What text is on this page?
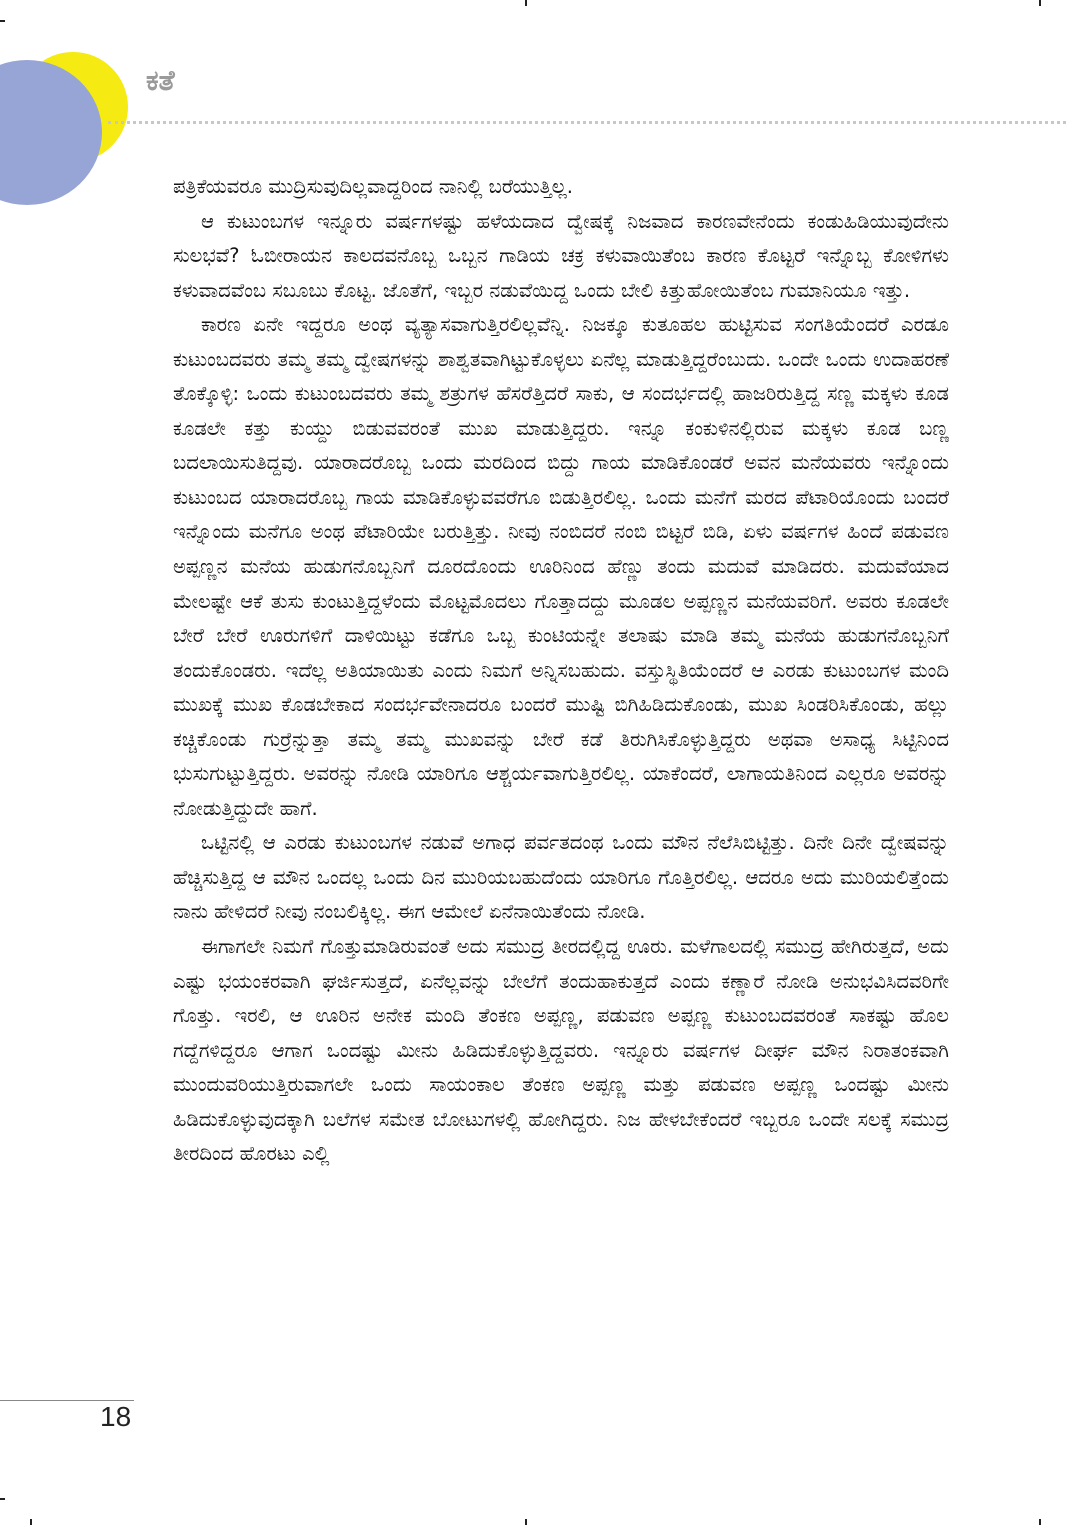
ಕತೆ

ಪತ್ರಿಕೆಯವರೂ ಮುದ್ರಿಸುವುದಿಲ್ಲವಾದ್ದರಿಂದ ನಾನಿಲ್ಲಿ ಬರೆಯುತ್ತಿಲ್ಲ.

ಆ ಕುಟುಂಬಗಳ ಇನ್ನೂರು ವರ್ಷಗಳಷ್ಟು ಹಳೆಯದಾದ ದ್ವೇಷಕ್ಕೆ ನಿಜವಾದ ಕಾರಣವೇನೆಂದು ಕಂಡುಹಿಡಿಯುವುದೇನು ಸುಲಭವೆ? ಓಬೀರಾಯನ ಕಾಲದವನೊಬ್ಬ ಒಬ್ಬನ ಗಾಡಿಯ ಚಕ್ರ ಕಳುವಾಯಿತೆಂಬ ಕಾರಣ ಕೊಟ್ಟರೆ ಇನ್ನೊಬ್ಬ ಕೋಳಿಗಳು ಕಳುವಾದವೆಂಬ ಸಬೂಬು ಕೊಟ್ಟ. ಜೊತೆಗೆ, ಇಬ್ಬರ ನಡುವೆಯಿದ್ದ ಒಂದು ಬೇಲಿ ಕಿತ್ತುಹೋಯಿತೆಂಬ ಗುಮಾನಿಯೂ ಇತ್ತು.

ಕಾರಣ ಏನೇ ಇದ್ದರೂ ಅಂಥ ವ್ಯತ್ಯಾಸವಾಗುತ್ತಿರಲಿಲ್ಲವೆನ್ನಿ. ನಿಜಕ್ಕೂ ಕುತೂಹಲ ಹುಟ್ಟಿಸುವ ಸಂಗತಿಯೆಂದರೆ ಎರಡೂ ಕುಟುಂಬದವರು ತಮ್ಮ ತಮ್ಮ ದ್ವೇಷಗಳನ್ನು ಶಾಶ್ವತವಾಗಿಟ್ಟುಕೊಳ್ಳಲು ಏನೆಲ್ಲ ಮಾಡುತ್ತಿದ್ದರೆಂಬುದು. ಒಂದೇ ಒಂದು ಉದಾಹರಣೆ ತೊಕ್ಕೊಳ್ಳಿ: ಒಂದು ಕುಟುಂಬದವರು ತಮ್ಮ ಶತ್ರುಗಳ ಹೆಸರೆತ್ತಿದರೆ ಸಾಕು, ಆ ಸಂದರ್ಭದಲ್ಲಿ ಹಾಜರಿರುತ್ತಿದ್ದ ಸಣ್ಣ ಮಕ್ಕಳು ಕೂಡ ಕೂಡಲೇ ಕತ್ತು ಕುಯ್ದು ಬಿಡುವವರಂತೆ ಮುಖ ಮಾಡುತ್ತಿದ್ದರು. ಇನ್ನೂ ಕಂಕುಳಿನಲ್ಲಿರುವ ಮಕ್ಕಳು ಕೂಡ ಬಣ್ಣ ಬದಲಾಯಿಸುತಿದ್ದವು. ಯಾರಾದರೊಬ್ಬ ಒಂದು ಮರದಿಂದ ಬಿದ್ದು ಗಾಯ ಮಾಡಿಕೊಂಡರೆ ಅವನ ಮನೆಯವರು ಇನ್ನೊಂದು ಕುಟುಂಬದ ಯಾರಾದರೊಬ್ಬ ಗಾಯ ಮಾಡಿಕೊಳ್ಳುವವರೆಗೂ ಬಿಡುತ್ತಿರಲಿಲ್ಲ. ಒಂದು ಮನೆಗೆ ಮರದ ಪೆಟಾರಿಯೊಂದು ಬಂದರೆ ಇನ್ನೊಂದು ಮನೆಗೂ ಅಂಥ ಪೆಟಾರಿಯೇ ಬರುತ್ತಿತ್ತು. ನೀವು ನಂಬಿದರೆ ನಂಬಿ ಬಿಟ್ಟರೆ ಬಿಡಿ, ಏಳು ವರ್ಷಗಳ ಹಿಂದೆ ಪಡುವಣ ಅಪ್ಪಣ್ಣನ ಮನೆಯ ಹುಡುಗನೊಬ್ಬನಿಗೆ ದೂರದೊಂದು ಊರಿನಿಂದ ಹೆಣ್ಣು ತಂದು ಮದುವೆ ಮಾಡಿದರು. ಮದುವೆಯಾದ ಮೇಲಷ್ಟೇ ಆಕೆ ತುಸು ಕುಂಟುತ್ತಿದ್ದಳೆಂದು ಮೊಟ್ಟಮೊದಲು ಗೊತ್ತಾದದ್ದು ಮೂಡಲ ಅಪ್ಪಣ್ಣನ ಮನೆಯವರಿಗೆ. ಅವರು ಕೂಡಲೇ ಬೇರೆ ಬೇರೆ ಊರುಗಳಿಗೆ ದಾಳಿಯಿಟ್ಟು ಕಡೆಗೂ ಒಬ್ಬ ಕುಂಟಿಯನ್ನೇ ತಲಾಷು ಮಾಡಿ ತಮ್ಮ ಮನೆಯ ಹುಡುಗನೊಬ್ಬನಿಗೆ ತಂದುಕೊಂಡರು. ಇದೆಲ್ಲ ಅತಿಯಾಯಿತು ಎಂದು ನಿಮಗೆ ಅನ್ನಿಸಬಹುದು. ವಸ್ತುಸ್ಥಿತಿಯೆಂದರೆ ಆ ಎರಡು ಕುಟುಂಬಗಳ ಮಂದಿ ಮುಖಕ್ಕೆ ಮುಖ ಕೊಡಬೇಕಾದ ಸಂದರ್ಭವೇನಾದರೂ ಬಂದರೆ ಮುಷ್ಟಿ ಬಿಗಿಹಿಡಿದುಕೊಂಡು, ಮುಖ ಸಿಂಡರಿಸಿಕೊಂಡು, ಹಲ್ಲು ಕಚ್ಚಿಕೊಂಡು ಗುರ್ರೆನ್ನುತ್ತಾ ತಮ್ಮ ತಮ್ಮ ಮುಖವನ್ನು ಬೇರೆ ಕಡೆ ತಿರುಗಿಸಿಕೊಳ್ಳುತ್ತಿದ್ದರು ಅಥವಾ ಅಸಾಧ್ಯ ಸಿಟ್ಟಿನಿಂದ ಭುಸುಗುಟ್ಟುತ್ತಿದ್ದರು. ಅವರನ್ನು ನೋಡಿ ಯಾರಿಗೂ ಆಶ್ಚರ್ಯವಾಗುತ್ತಿರಲಿಲ್ಲ. ಯಾಕೆಂದರೆ, ಲಾಗಾಯತಿನಿಂದ ಎಲ್ಲರೂ ಅವರನ್ನು ನೋಡುತ್ತಿದ್ದುದೇ ಹಾಗೆ.

ಒಟ್ಟಿನಲ್ಲಿ ಆ ಎರಡು ಕುಟುಂಬಗಳ ನಡುವೆ ಅಗಾಧ ಪರ್ವತದಂಥ ಒಂದು ಮೌನ ನೆಲೆಸಿಬಿಟ್ಟಿತ್ತು. ದಿನೇ ದಿನೇ ದ್ವೇಷವನ್ನು ಹೆಚ್ಚಿಸುತ್ತಿದ್ದ ಆ ಮೌನ ಒಂದಲ್ಲ ಒಂದು ದಿನ ಮುರಿಯಬಹುದೆಂದು ಯಾರಿಗೂ ಗೊತ್ತಿರಲಿಲ್ಲ. ಆದರೂ ಅದು ಮುರಿಯಲಿತ್ತೆಂದು ನಾನು ಹೇಳಿದರೆ ನೀವು ನಂಬಲಿಕ್ಕಿಲ್ಲ. ಈಗ ಆಮೇಲೆ ಏನೆನಾಯಿತೆಂದು ನೋಡಿ.

ಈಗಾಗಲೇ ನಿಮಗೆ ಗೊತ್ತುಮಾಡಿರುವಂತೆ ಅದು ಸಮುದ್ರ ತೀರದಲ್ಲಿದ್ದ ಊರು. ಮಳೆಗಾಲದಲ್ಲಿ ಸಮುದ್ರ ಹೇಗಿರುತ್ತದೆ, ಅದು ಎಷ್ಟು ಭಯಂಕರವಾಗಿ ಘರ್ಜಿಸುತ್ತದೆ, ಏನೆಲ್ಲವನ್ನು ಬೇಲೆಗೆ ತಂದುಹಾಕುತ್ತದೆ ಎಂದು ಕಣ್ಣಾರೆ ನೋಡಿ ಅನುಭವಿಸಿದವರಿಗೇ ಗೊತ್ತು. ಇರಲಿ, ಆ ಊರಿನ ಅನೇಕ ಮಂದಿ ತೆಂಕಣ ಅಪ್ಪಣ್ಣ, ಪಡುವಣ ಅಪ್ಪಣ್ಣ ಕುಟುಂಬದವರಂತೆ ಸಾಕಷ್ಟು ಹೊಲ ಗದ್ದೆಗಳಿದ್ದರೂ ಆಗಾಗ ಒಂದಷ್ಟು ಮೀನು ಹಿಡಿದುಕೊಳ್ಳುತ್ತಿದ್ದವರು. ಇನ್ನೂರು ವರ್ಷಗಳ ದೀರ್ಘ ಮೌನ ನಿರಾತಂಕವಾಗಿ ಮುಂದುವರಿಯುತ್ತಿರುವಾಗಲೇ ಒಂದು ಸಾಯಂಕಾಲ ತೆಂಕಣ ಅಪ್ಪಣ್ಣ ಮತ್ತು ಪಡುವಣ ಅಪ್ಪಣ್ಣ ಒಂದಷ್ಟು ಮೀನು ಹಿಡಿದುಕೊಳ್ಳುವುದಕ್ಕಾಗಿ ಬಲೆಗಳ ಸಮೇತ ಬೋಟುಗಳಲ್ಲಿ ಹೋಗಿದ್ದರು. ನಿಜ ಹೇಳಬೇಕೆಂದರೆ ಇಬ್ಬರೂ ಒಂದೇ ಸಲಕ್ಕೆ ಸಮುದ್ರ ತೀರದಿಂದ ಹೊರಟು ಎಲ್ಲಿ

18
